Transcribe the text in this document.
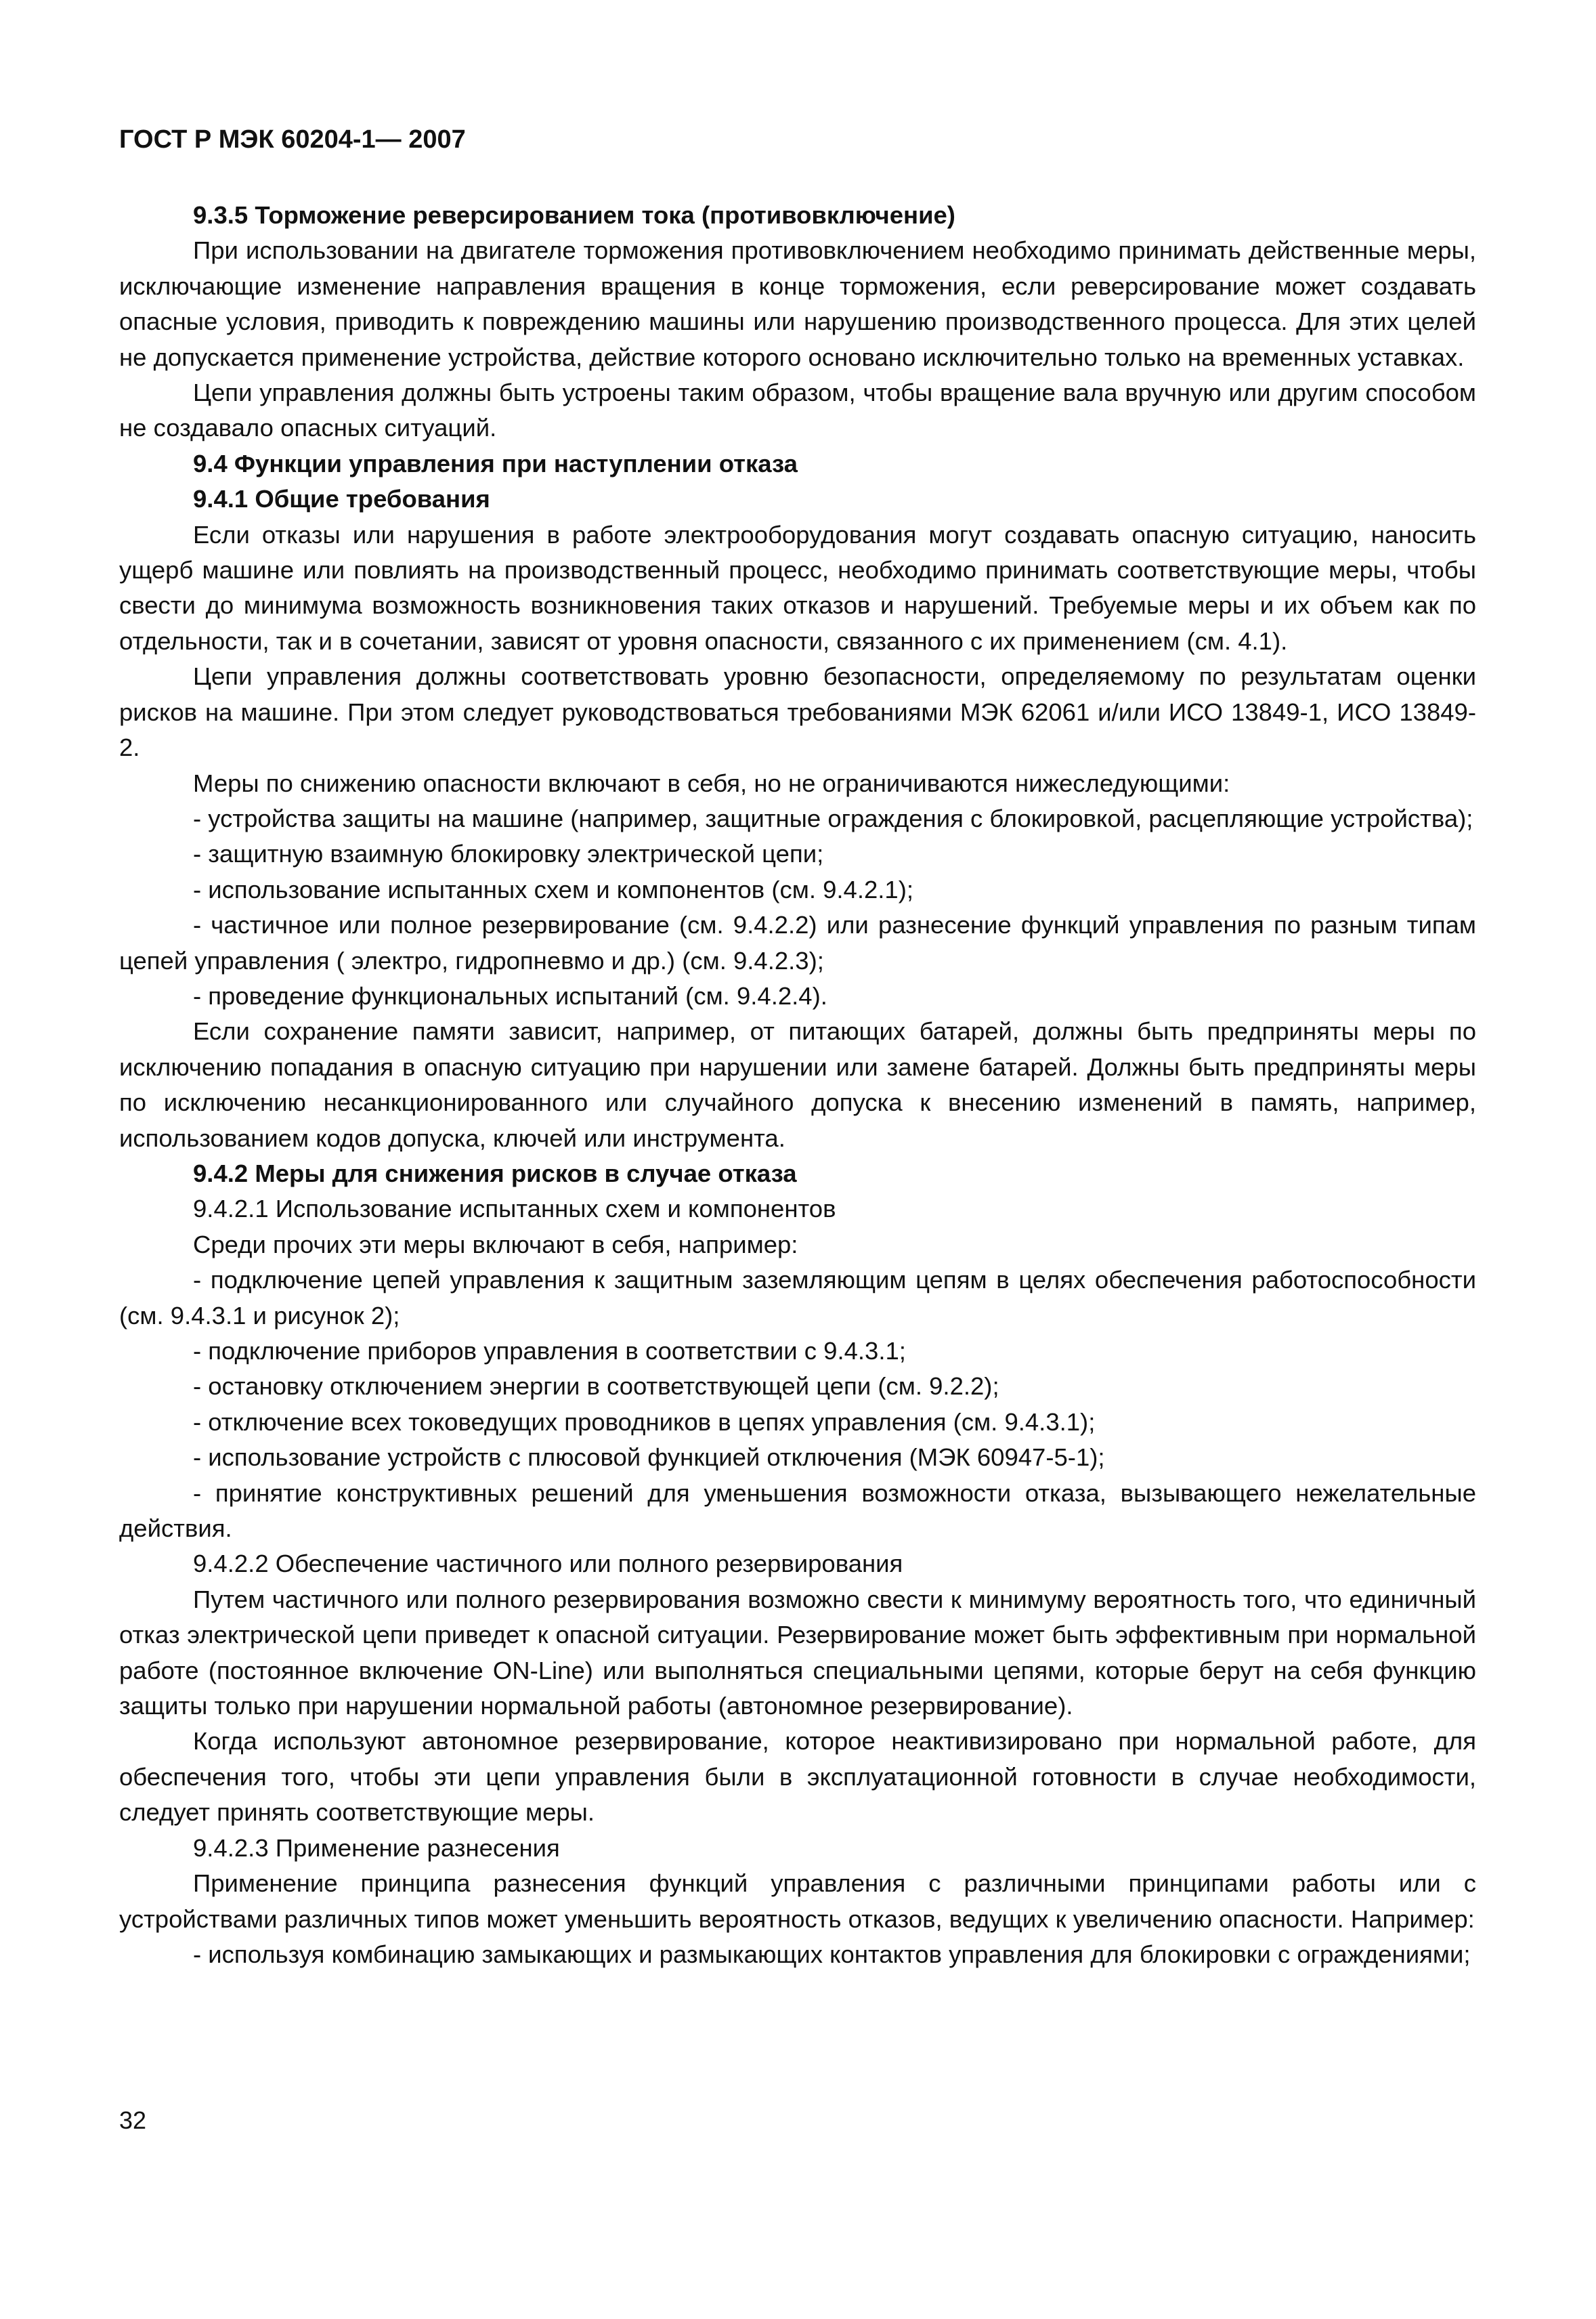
ГОСТ Р МЭК 60204-1— 2007

9.3.5 Торможение реверсированием тока (противовключение)

При использовании на двигателе торможения противовключением необходимо принимать действенные меры, исключающие изменение направления вращения в конце торможения, если реверсирование может создавать опасные условия, приводить к повреждению машины или нарушению производственного процесса. Для этих целей не допускается применение устройства, действие которого основано исключительно только на временных уставках.

Цепи управления должны быть устроены таким образом, чтобы вращение вала вручную или другим способом не создавало опасных ситуаций.

9.4 Функции управления при наступлении отказа

9.4.1 Общие требования

Если отказы или нарушения в работе электрооборудования могут создавать опасную ситуацию, наносить ущерб машине или повлиять на производственный процесс, необходимо принимать соответствующие меры, чтобы свести до минимума возможность возникновения таких отказов и нарушений. Требуемые меры и их объем как по отдельности, так и в сочетании, зависят от уровня опасности, связанного с их применением (см. 4.1).

Цепи управления должны соответствовать уровню безопасности, определяемому по результатам оценки рисков на машине. При этом следует руководствоваться требованиями МЭК 62061 и/или ИСО 13849-1, ИСО 13849-2.

Меры по снижению опасности включают в себя, но не ограничиваются нижеследующими:

- устройства защиты на машине (например, защитные ограждения с блокировкой, расцепляющие устройства);

- защитную взаимную блокировку электрической цепи;

- использование испытанных схем и компонентов (см. 9.4.2.1);

- частичное или полное резервирование (см. 9.4.2.2) или разнесение функций управления по разным типам цепей управления ( электро, гидропневмо и др.) (см. 9.4.2.3);

- проведение функциональных испытаний (см. 9.4.2.4).

Если сохранение памяти зависит, например, от питающих батарей, должны быть предприняты меры по исключению попадания в опасную ситуацию при нарушении или замене батарей. Должны быть предприняты меры по исключению несанкционированного или случайного допуска к внесению изменений в память, например, использованием кодов допуска, ключей или инструмента.

9.4.2 Меры для снижения рисков в случае отказа

9.4.2.1 Использование испытанных схем и компонентов

Среди прочих эти меры включают в себя, например:

- подключение цепей управления к защитным заземляющим цепям в целях обеспечения работоспособности (см. 9.4.3.1 и рисунок 2);

- подключение приборов управления в соответствии с 9.4.3.1;

- остановку отключением энергии в соответствующей цепи (см. 9.2.2);

- отключение всех токоведущих проводников в цепях управления (см. 9.4.3.1);

- использование устройств с плюсовой функцией отключения (МЭК 60947-5-1);

- принятие конструктивных решений для уменьшения возможности отказа, вызывающего нежелательные действия.

9.4.2.2 Обеспечение частичного или полного резервирования

Путем частичного или полного резервирования возможно свести к минимуму вероятность того, что единичный отказ электрической цепи приведет к опасной ситуации. Резервирование может быть эффективным при нормальной работе (постоянное включение ON-Line) или выполняться специальными цепями, которые берут на себя функцию защиты только при нарушении нормальной работы (автономное резервирование).

Когда используют автономное резервирование, которое неактивизировано при нормальной работе, для обеспечения того, чтобы эти цепи управления были в эксплуатационной готовности в случае необходимости, следует принять соответствующие меры.

9.4.2.3 Применение разнесения

Применение принципа разнесения функций управления с различными принципами работы или с устройствами различных типов может уменьшить вероятность отказов, ведущих к увеличению опасности. Например:

- используя комбинацию замыкающих и размыкающих контактов управления для блокировки с ограждениями;

32
